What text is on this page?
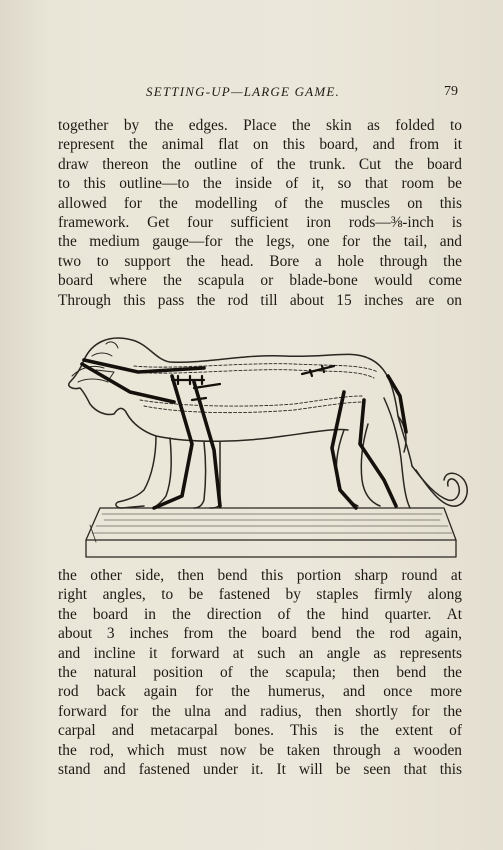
SETTING-UP—LARGE GAME.	79
together by the edges. Place the skin as folded to
represent the animal flat on this board, and from it
draw thereon the outline of the trunk. Cut the board
to this outline—to the inside of it, so that room be
allowed for the modelling of the muscles on this
framework. Get four sufficient iron rods—⅜-inch is
the medium gauge—for the legs, one for the tail, and
two to support the head. Bore a hole through the
board where the scapula or blade-bone would come
Through this pass the rod till about 15 inches are on
the other side, then bend this portion sharp round at
right angles, to be fastened by staples firmly along
the board in the direction of the hind quarter. At
about 3 inches from the board bend the rod again,
and incline it forward at such an angle as represents
the natural position of the scapula; then bend the
rod back again for the humerus, and once more
forward for the ulna and radius, then shortly for the
carpal and metacarpal bones. This is the extent of
the rod, which must now be taken through a wooden
stand and fastened under it. It will be seen that this
